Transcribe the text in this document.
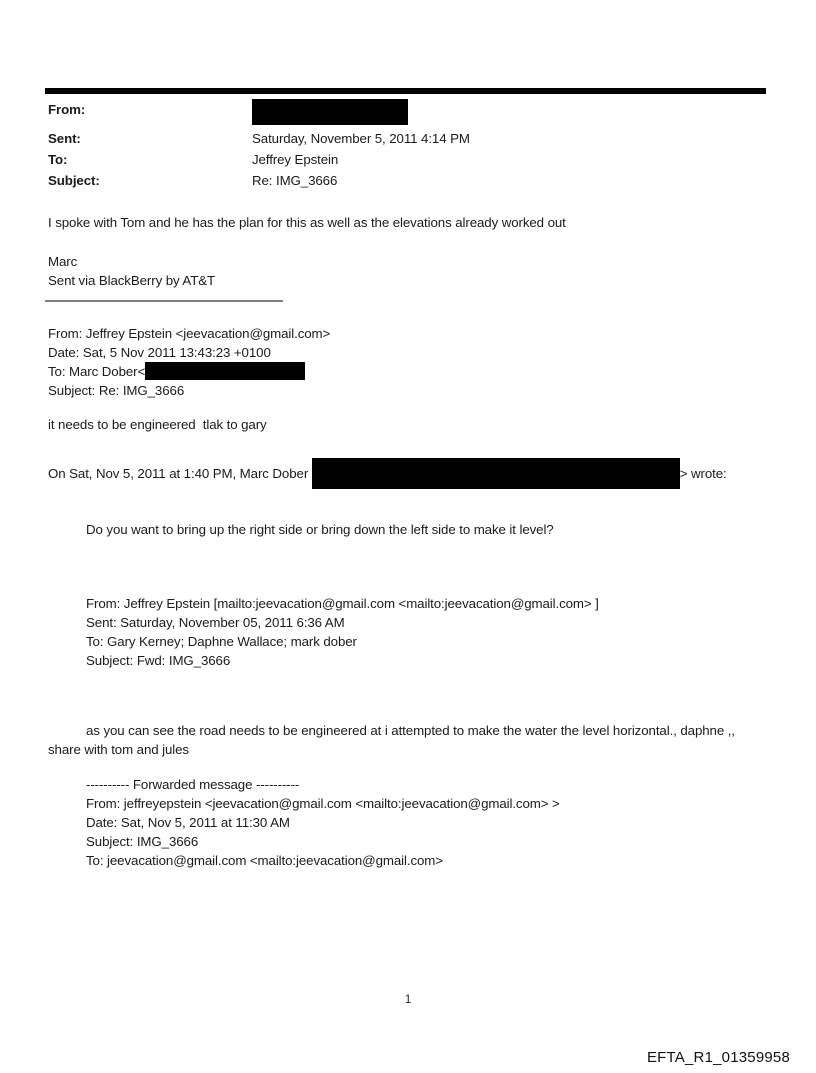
From:
Sent:	Saturday, November 5, 2011 4:14 PM
To:	Jeffrey Epstein
Subject:	Re: IMG_3666
I spoke with Tom and he has the plan for this as well as the elevations already worked out
Marc
Sent via BlackBerry by AT&T
From: Jeffrey Epstein <jeevacation@gmail.com>
Date: Sat, 5 Nov 2011 13:43:23 +0100
To: Marc Dober<
Subject: Re: IMG_3666
it needs to be engineered  tlak to gary
On Sat, Nov 5, 2011 at 1:40 PM, Marc Dober	> wrote:
Do you want to bring up the right side or bring down the left side to make it level?
From: Jeffrey Epstein [mailto:jeevacation@gmail.com <mailto:jeevacation@gmail.com> ]
Sent: Saturday, November 05, 2011 6:36 AM
To: Gary Kerney; Daphne Wallace; mark dober
Subject: Fwd: IMG_3666
as you can see the road needs to be engineered at i attempted to make the water the level horizontal., daphne ,,
share with tom and jules
---------- Forwarded message ----------
From: jeffreyepstein <jeevacation@gmail.com <mailto:jeevacation@gmail.com> >
Date: Sat, Nov 5, 2011 at 11:30 AM
Subject: IMG_3666
To: jeevacation@gmail.com <mailto:jeevacation@gmail.com>
1
EFTA_R1_01359958
